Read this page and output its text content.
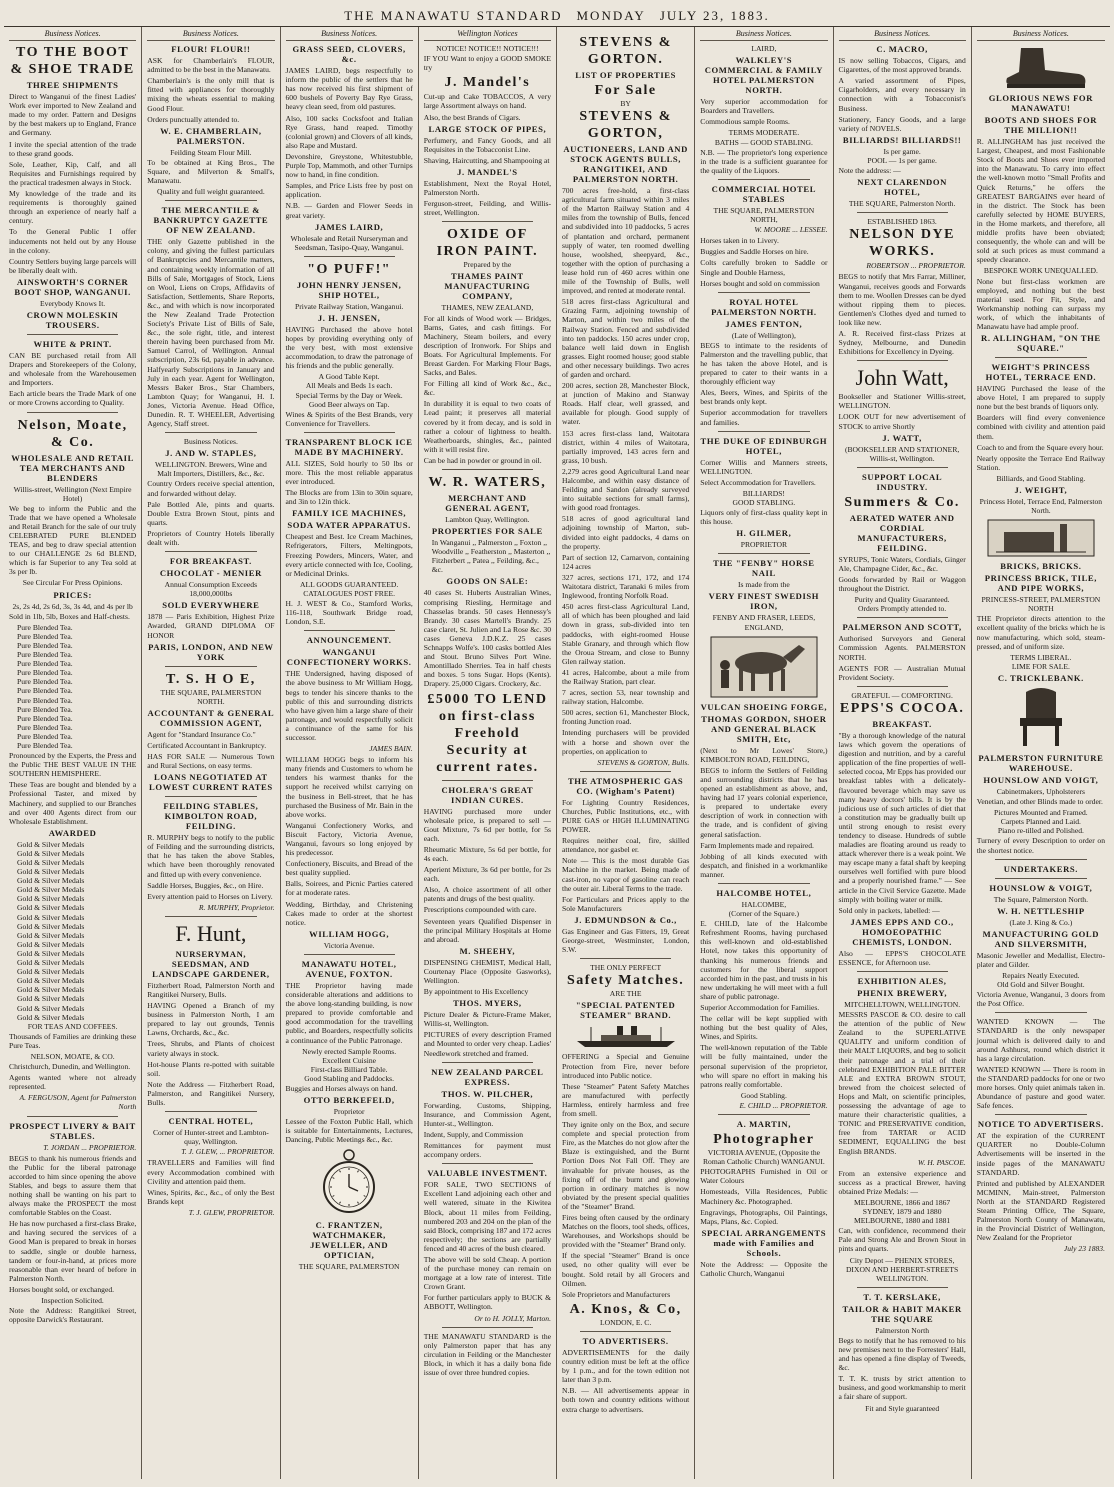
THE MANAWATU STANDARD MONDAY JULY 23, 1883.
Business Notices.
TO THE BOOT & SHOE TRADE
THREE SHIPMENTS
Direct to Wanganui of the finest Ladies' Work ever imported to New Zealand and made to my order. Pattern and Designs by the best makers up to England, France and Germany.
I invite the special attention of the trade to these grand goods.
Sole, Leather, Kip, Calf, and all Requisites and Furnishings required by the practical tradesmen always in Stock.
My knowledge of the trade and its requirements is thoroughly gained through an experience of nearly half a century.
To the General Public I offer inducements not held out by any House in the colony.
Country Settlers buying large parcels will be liberally dealt with.
AINSWORTH'S CORNER BOOT SHOP, WANGANUI.
Everybody Knows It.
CROWN MOLESKIN TROUSERS.
WHITE & PRINT.
CAN BE purchased retail from All Drapers and Storekeepers of the Colony, and wholesale from the Warehousemen and Importers.
Each article bears the Trade Mark of one or more Crowns according to Quality.
Nelson, Moate, & Co.
WHOLESALE AND RETAIL TEA MERCHANTS AND BLENDERS
Willis-street, Wellington (Next Empire Hotel)
We beg to inform the Public and the Trade that we have opened a Wholesale and Retail Branch for the sale of our truly CELEBRATED PURE BLENDED TEAS, and beg to draw special attention to our CHALLENGE 2s 6d BLEND, which is far Superior to any Tea sold at 3s per lb.
See Circular For Press Opinions.
PRICES:
2s, 2s 4d, 2s 6d, 3s, 3s 4d, and 4s per lb
Sold in 1lb, 5lb, Boxes and Half-chests.
Pure Blended Tea.
Pure Blended Tea.
Pure Blended Tea.
Pure Blended Tea.
Pure Blended Tea.
Pure Blended Tea.
Pure Blended Tea.
Pure Blended Tea.
Pure Blended Tea.
Pure Blended Tea.
Pure Blended Tea.
Pure Blended Tea.
Pure Blended Tea.
Pure Blended Tea.
Pronounced by the Experts, the Press and the Public THE BEST VALUE IN THE SOUTHERN HEMISPHERE.
These Teas are bought and blended by a Professional Taster, and mixed by Machinery, and supplied to our Branches and over 400 Agents direct from our Wholesale Establishment.
AWARDED
Gold & Silver Medals
Gold & Silver Medals
Gold & Silver Medals
Gold & Silver Medals
Gold & Silver Medals
Gold & Silver Medals
Gold & Silver Medals
Gold & Silver Medals
Gold & Silver Medals
Gold & Silver Medals
Gold & Silver Medals
Gold & Silver Medals
Gold & Silver Medals
Gold & Silver Medals
Gold & Silver Medals
Gold & Silver Medals
Gold & Silver Medals
Gold & Silver Medals
Gold & Silver Medals
Gold & Silver Medals
FOR TEAS AND COFFEES.
Thousands of Families are drinking these Pure Teas.
NELSON, MOATE, & CO.
Christchurch, Dunedin, and Wellington.
Agents wanted where not already represented.
A. FERGUSON, Agent for Palmerston North
PROSPECT LIVERY & BAIT STABLES.
T. JORDAN ... PROPRIETOR.
BEGS to thank his numerous friends and the Public for the liberal patronage accorded to him since opening the above Stables, and begs to assure them that nothing shall be wanting on his part to always make the PROSPECT the most comfortable Stables on the Coast.
He has now purchased a first-class Brake, and having secured the services of a Good Man is prepared to break in horses to saddle, single or double harness, tandem or four-in-hand, at prices more reasonable than ever heard of before in Palmerston North.
Horses bought sold, or exchanged.
Inspection Solicited.
Note the Address: Rangitikei Street, opposite Darwick's Restaurant.
Business Notices.
FLOUR! FLOUR!!
ASK for Chamberlain's FLOUR, admitted to be the best in the Manawatu.
Chamberlain's is the only mill that is fitted with appliances for thoroughly mixing the wheats essential to making Good Flour.
Orders punctually attended to.
W. E. CHAMBERLAIN, PALMERSTON.
Feilding Steam Flour Mill.
To be obtained at King Bros., The Square, and Milverton & Small's, Manawatu.
Quality and full weight guaranteed.
THE MERCANTILE & BANKRUPTCY GAZETTE OF NEW ZEALAND.
THE only Gazette published in the colony, and giving the fullest particulars of Bankruptcies and Mercantile matters, and containing weekly information of all Bills of Sale, Mortgages of Stock, Liens on Wool, Liens on Crops, Affidavits of Satisfaction, Settlements, Share Reports, &c., and with which is now incorporated the New Zealand Trade Protection Society's Private List of Bills of Sale, &c., the sole right, title, and interest therein having been purchased from Mr. Samuel Carrol, of Wellington. Annual subscription, 23s 6d, payable in advance. Halfyearly Subscriptions in January and July in each year. Agent for Wellington, Messrs Baker Bros., Star Chambers, Lambton Quay; for Wanganui, H. I. Jones, Victoria Avenue. Head Office, Dunedin. R. T. WHEELER, Advertising Agency, Staff street.
Business Notices.
J. AND W. STAPLES,
WELLINGTON. Brewers, Wine and Malt Importers, Distillers, &c., &c.
Country Orders receive special attention, and forwarded without delay.
Pale Bottled Ale, pints and quarts. Double Extra Brown Stout, pints and quarts.
Proprietors of Country Hotels liberally dealt with.
FOR BREAKFAST.
CHOCOLAT - MENIER
Annual Consumption Exceeds 18,000,000lbs
SOLD EVERYWHERE
1878 — Paris Exhibition, Highest Prize Awarded, GRAND DIPLOMA OF HONOR
PARIS, LONDON, AND NEW YORK
T. S. H O E,
THE SQUARE, PALMERSTON NORTH.
ACCOUNTANT & GENERAL COMMISSION AGENT,
Agent for "Standard Insurance Co."
Certificated Accountant in Bankruptcy.
HAS FOR SALE — Numerous Town and Rural Sections, on easy terms.
LOANS NEGOTIATED AT LOWEST CURRENT RATES
FEILDING STABLES, KIMBOLTON ROAD, FEILDING.
R. MURPHY begs to notify to the public of Feilding and the surrounding districts, that he has taken the above Stables, which have been thoroughly renovated and fitted up with every convenience.
Saddle Horses, Buggies, &c., on Hire.
Every attention paid to Horses on Livery.
R. MURPHY, Proprietor.
F. Hunt,
NURSERYMAN, SEEDSMAN, AND LANDSCAPE GARDENER,
Fitzherbert Road, Palmerston North and Rangitikei Nursery, Bulls.
HAVING Opened a Branch of my business in Palmerston North, I am prepared to lay out grounds, Tennis Lawns, Orchards, &c., &c.
Trees, Shrubs, and Plants of choicest variety always in stock.
Hot-house Plants re-potted with suitable soil.
Note the Address — Fitzherbert Road, Palmerston, and Rangitikei Nursery, Bulls.
CENTRAL HOTEL,
Corner of Hunter-street and Lambton-quay, Wellington.
T. J. GLEW, ... PROPRIETOR.
TRAVELLERS and Families will find every Accommodation combined with Civility and attention paid them.
Wines, Spirits, &c., &c., of only the Best Brands kept
T. J. GLEW, PROPRIETOR.
Business Notices.
GRASS SEED, CLOVERS, &c.
JAMES LAIRD, begs respectfully to inform the public of the settlers that he has now received his first shipment of 600 bushels of Poverty Bay Rye Grass, heavy clean seed, from old pastures.
Also, 100 sacks Cocksfoot and Italian Rye Grass, hand reaped. Timothy (colonial grown) and Clovers of all kinds, also Rape and Mustard.
Devonshire, Greystone, Whitestubble, Purple Top, Mammoth, and other Turnips now to hand, in fine condition.
Samples, and Price Lists free by post on application.
N.B. — Garden and Flower Seeds in great variety.
JAMES LAIRD,
Wholesale and Retail Nurseryman and Seedsman, Tasipo-Quay, Wanganui.
"O PUFF!"
JOHN HENRY JENSEN, SHIP HOTEL,
Private Railway Station, Wanganui.
J. H. JENSEN,
HAVING Purchased the above hotel hopes by providing everything only of the very best, with most extensive accommodation, to draw the patronage of his friends and the public generally.
A Good Table Kept.
All Meals and Beds 1s each.
Special Terms by the Day or Week.
Good Beer always on Tap.
Wines & Spirits of the Best Brands, very Convenience for Travellers.
TRANSPARENT BLOCK ICE MADE BY MACHINERY.
ALL SIZES, Sold hourly to 50 lbs or more. This the most reliable apparatus ever introduced.
The Blocks are from 13in to 30in square, and 3in to 12in thick.
FAMILY ICE MACHINES,
SODA WATER APPARATUS.
Cheapest and Best. Ice Cream Machines, Refrigerators, Filters, Meltingpots, Freezing Powders, Mincers, Water, and every article connected with Ice, Cooling, or Medicinal Drinks.
ALL GOODS GUARANTEED.
CATALOGUES POST FREE.
H. J. WEST & Co., Stamford Works, 116-118, Southwark Bridge road, London, S.E.
ANNOUNCEMENT.
WANGANUI CONFECTIONERY WORKS.
THE Undersigned, having disposed of the above business to Mr William Hogg, begs to tender his sincere thanks to the public of this and surrounding districts who have given him a large share of their patronage, and would respectfully solicit a continuance of the same for his successor.
JAMES BAIN.
WILLIAM HOGG begs to inform his many friends and Customers to whom he tenders his warmest thanks for the support he received whilst carrying on the business in Bell-street, that he has purchased the Business of Mr. Bain in the above works.
Wanganui Confectionery Works, and Biscuit Factory, Victoria Avenue, Wanganui, favours so long enjoyed by his predecessor.
Confectionery, Biscuits, and Bread of the best quality supplied.
Balls, Soirees, and Picnic Parties catered for at moderate rates.
Wedding, Birthday, and Christening Cakes made to order at the shortest notice.
WILLIAM HOGG,
Victoria Avenue.
MANAWATU HOTEL, AVENUE, FOXTON.
THE Proprietor having made considerable alterations and additions to the above long-standing building, is now prepared to provide comfortable and good accommodation for the travelling public, and Boarders, respectfully solicits a continuance of the Public Patronage.
Newly erected Sample Rooms.
Excellent Cuisine
First-class Billiard Table.
Good Stabling and Paddocks.
Buggies and Horses always on hand.
OTTO BERKEFELD,
Proprietor
Lessee of the Foxton Public Hall, which is suitable for Entertainments, Lectures, Dancing, Public Meetings &c., &c.
C. FRANTZEN, WATCHMAKER, JEWELLER, AND OPTICIAN,
THE SQUARE, PALMERSTON
Wellington Notices
NOTICE! NOTICE!! NOTICE!!!
IF YOU Want to enjoy a GOOD SMOKE try
J. Mandel's
Cut-up and Cake TOBACCOS, A very large Assortment always on hand.
Also, the best Brands of Cigars.
LARGE STOCK OF PIPES,
Perfumery, and Fancy Goods, and all Requisites in the Tobacconist Line.
Shaving, Haircutting, and Shampooing at
J. MANDEL'S
Establishment, Next the Royal Hotel, Palmerston North.
Ferguson-street, Feilding, and Willis-street, Wellington.
OXIDE OF IRON PAINT.
Prepared by the
THAMES PAINT MANUFACTURING COMPANY,
THAMES, NEW ZEALAND,
For all kinds of Wood work — Bridges, Barns, Gates, and cash fittings. For Machinery, Steam boilers, and every description of Ironwork. For Ships and Boats. For Agricultural Implements. For Breast Garden. For Marking Flour Bags, Sacks, and Bales.
For Filling all kind of Work &c., &c., &c.
In durability it is equal to two coats of Lead paint; it preserves all material covered by it from decay, and is sold in rather a colour of lightness to health. Weatherboards, shingles, &c., painted with it will resist fire.
Can be had in powder or ground in oil.
W. R. WATERS,
MERCHANT AND GENERAL AGENT,
Lambton Quay, Wellington.
PROPERTIES FOR SALE
In Wanganui ,, Palmerston ,, Foxton ,, Woodville ,, Featherston ,, Masterton ,, Fitzherbert ,, Patea ,, Feilding, &c., &c.
GOODS ON SALE:
40 cases St. Huberts Australian Wines, comprising Riesling, Hermitage and Chasselas brands. 50 cases Hennessy's Brandy. 30 cases Martell's Brandy. 25 case claret, St. Julien and La Rose &c. 30 cases Geneva J.D.K.Z. 25 cases Schnapps Wolfe's. 100 casks bottled Ales and Stout. Bruno Silves Port Wine. Amontillado Sherries. Tea in half chests and boxes. 5 tons Sugar. Hops (Kents). Drapery. 25,000 Cigars. Crockery, &c.
£5000 TO LEND on first-class Freehold Security at current rates.
CHOLERA'S GREAT INDIAN CURES.
HAVING purchased more under wholesale price, is prepared to sell — Gout Mixture, 7s 6d per bottle, for 5s each.
Rheumatic Mixture, 5s 6d per bottle, for 4s each.
Aperient Mixture, 3s 6d per bottle, for 2s each.
Also, A choice assortment of all other patents and drugs of the best quality.
Prescriptions compounded with care.
Seventeen years Qualified Dispenser in the principal Military Hospitals at Home and abroad.
M. SHEEHY,
DISPENSING CHEMIST, Medical Hall, Courtenay Place (Opposite Gasworks), Wellington.
By appointment to His Excellency
THOS. MYERS,
Picture Dealer & Picture-Frame Maker, Willis-st, Wellington.
PICTURES of every description Framed and Mounted to order very cheap. Ladies' Needlework stretched and framed.
NEW ZEALAND PARCEL EXPRESS.
THOS. W. PILCHER,
Forwarding, Customs, Shipping, Insurance, and Commission Agent, Hunter-st., Wellington.
Indent, Supply, and Commission
Remittances for payment must accompany orders.
VALUABLE INVESTMENT.
FOR SALE, TWO SECTIONS of Excellent Land adjoining each other and well watered, situate in the Kiwitea Block, about 11 miles from Feilding, numbered 203 and 204 on the plan of the said Block, comprising 187 and 172 acres respectively; the sections are partially fenced and 40 acres of the bush cleared.
The above will be sold Cheap. A portion of the purchase money can remain on mortgage at a low rate of interest. Title Crown Grant.
For further particulars apply to BUCK & ABBOTT, Wellington.
Or to H. JOLLY, Marton.
THE MANAWATU STANDARD is the only Palmerston paper that has any circulation in Feilding or the Manchester Block, in which it has a daily bona fide issue of over three hundred copies.
STEVENS & GORTON.
LIST OF PROPERTIES
For Sale
BY
STEVENS & GORTON,
AUCTIONEERS, LAND AND STOCK AGENTS BULLS, RANGITIKEI, AND PALMERSTON NORTH.
700 acres free-hold, a first-class agricultural farm situated within 3 miles of the Marton Railway Station and 4 miles from the township of Bulls, fenced and subdivided into 10 paddocks, 5 acres of plantation and orchard, permanent supply of water, ten roomed dwelling house, woolshed, sheepyard, &c., together with the option of purchasing a lease hold run of 460 acres within one mile of the Township of Bulls, well improved, and rented at moderate rental.
518 acres first-class Agricultural and Grazing Farm, adjoining township of Marton, and within two miles of the Railway Station. Fenced and subdivided into ten paddocks. 150 acres under crop, balance well laid down in English grasses. Eight roomed house; good stable and other necessary buildings. Two acres of garden and orchard.
200 acres, section 28, Manchester Block, at junction of Makino and Stanway Roads. Half clear, well grassed, and available for plough. Good supply of water.
153 acres first-class land, Waitotara district, within 4 miles of Waitotara, partially improved, 143 acres fern and grass, 10 bush.
2,279 acres good Agricultural Land near Halcombe, and within easy distance of Feilding and Sandon (already surveyed into suitable sections for small farms), with good road frontages.
518 acres of good agricultural land adjoining township of Marton, sub-divided into eight paddocks, 4 dams on the property.
Part of section 12, Carnarvon, containing 124 acres
327 acres, sections 171, 172, and 174 Waitotara district, Taranaki 6 miles from Inglewood, fronting Norfolk Road.
450 acres first-class Agricultural Land, all of which has been ploughed and laid down in grass, sub-divided into ten paddocks, with eight-roomed House Stable Granary, and through which flow the Oroua Stream, and close to Bunny Glen railway station.
41 acres, Halcombe, about a mile from the Railway Station, part clear.
7 acres, section 53, near township and railway station, Halcombe.
500 acres, section 61, Manchester Block, fronting Junction road.
Intending purchasers will be provided with a horse and shown over the properties, on application to
STEVENS & GORTON, Bulls.
THE ATMOSPHERIC GAS CO. (Wigham's Patent)
For Lighting Country Residences, Churches, Public Institutions, etc., with PURE GAS or HIGH ILLUMINATING POWER.
Requires neither coal, fire, skilled attendance, nor gasbel er.
Note — This is the most durable Gas Machine in the market. Being made of cast-iron, no vapor of gasoline can reach the outer air. Liberal Terms to the trade.
For Particulars and Prices apply to the Sole Manufacturers
J. EDMUNDSON & Co.,
Gas Engineer and Gas Fitters, 19, Great George-street, Westminster, London, S.W.
THE ONLY PERFECT
Safety Matches.
ARE THE
"SPECIAL PATENTED STEAMER" BRAND.
OFFERING a Special and Genuine Protection from Fire, never before introduced into Public notice.
These "Steamer" Patent Safety Matches are manufactured with perfectly Harmless, entirely harmless and free from smell.
They ignite only on the Box, and secure complete and special protection from Fire, as the Matches do not glow after the Blaze is extinguished, and the Burnt Portion Does Not Fall Off. They are invaluable for private houses, as the fixing off of the burnt and glowing portion in ordinary matches is now obviated by the present special qualities of the "Steamer" Brand.
Fires being often caused by the ordinary Matches on the floors, tool sheds, offices, Warehouses, and Workshops should be provided with the "Steamer" Brand only.
If the special "Steamer" Brand is once used, no other quality will ever be bought. Sold retail by all Grocers and Oilmen.
Sole Proprietors and Manufacturers
A. Knos, & Co,
LONDON, E. C.
TO ADVERTISERS.
ADVERTISEMENTS for the daily country edition must be left at the office by 1 p.m., and for the town edition not later than 3 p.m.
N.B. — All advertisements appear in both town and country editions without extra charge to advertisers.
Business Notices.
LAIRD,
WALKLEY'S COMMERCIAL & FAMILY HOTEL PALMERSTON NORTH.
Very superior accommodation for Boarders and Travellers.
Commodious sample Rooms.
TERMS MODERATE.
BATHS — GOOD STABLING.
N.B. — The proprietor's long experience in the trade is a sufficient guarantee for the quality of the Liquors.
COMMERCIAL HOTEL STABLES
THE SQUARE, PALMERSTON NORTH,
W. MOORE ... LESSEE.
Horses taken in to Livery.
Buggies and Saddle Horses on hire.
Colts carefully broken to Saddle or Single and Double Harness,
Horses bought and sold on commission
ROYAL HOTEL PALMERSTON NORTH.
JAMES FENTON,
(Late of Wellington),
BEGS to intimate to the residents of Palmerston and the travelling public, that he has taken the above Hotel, and is prepared to cater to their wants in a thoroughly efficient way
Ales, Beers, Wines, and Spirits of the best brands only kept.
Superior accommodation for travellers and families.
THE DUKE OF EDINBURGH HOTEL,
Corner Willis and Manners streets, WELLINGTON.
Select Accommodation for Travellers.
BILLIARDS!
GOOD STABLING.
Liquors only of first-class quality kept in this house.
H. GILMER,
PROPRIETOR
THE "FENBY" HORSE NAIL
Is made from the
VERY FINEST SWEDISH IRON,
FENBY AND FRASER, LEEDS, ENGLAND,
VULCAN SHOEING FORGE,
THOMAS GORDON, SHOER AND GENERAL BLACK SMITH, Etc,
(Next to Mr Lowes' Store,) KIMBOLTON ROAD, FEILDING,
BEGS to inform the Settlers of Feilding and surrounding districts that he has opened an establishment as above, and, having had 17 years colonial experience, is prepared to undertake every description of work in connection with the trade, and is confident of giving general satisfaction.
Farm Implements made and repaired.
Jobbing of all kinds executed with despatch, and finished in a workmanlike manner.
HALCOMBE HOTEL,
HALCOMBE,
(Corner of the Square.)
E. CHILD, late of the Halcombe Refreshment Rooms, having purchased this well-known and old-established Hotel, now takes this opportunity of thanking his numerous friends and customers for the liberal support accorded him in the past, and trusts in his new undertaking he will meet with a full share of public patronage.
Superior Accommodation for Families.
The cellar will be kept supplied with nothing but the best quality of Ales, Wines, and Spirits.
The well-known reputation of the Table will be fully maintained, under the personal supervision of the proprietor, who will spare no effort in making his patrons really comfortable.
Good Stabling.
E. CHILD ... PROPRIETOR.
A. MARTIN,
Photographer
VICTORIA AVENUE, (Opposite the Roman Catholic Church) WANGANUI.
PHOTOGRAPHS Furnished in Oil or Water Colours
Homesteads, Villa Residences, Public Machinery &c. Photographed.
Engravings, Photographs, Oil Paintings, Maps, Plans, &c. Copied.
SPECIAL ARRANGEMENTS made with Families and Schools.
Note the Address: — Opposite the Catholic Church, Wanganui
Business Notices.
C. MACRO,
IS now selling Tobaccos, Cigars, and Cigarettes, of the most approved brands.
A varied assortment of Pipes, Cigarholders, and every necessary in connection with a Tobacconist's Business.
Stationery, Fancy Goods, and a large variety of NOVELS.
BILLIARDS! BILLIARDS!!
Is per game.
POOL — 1s per game.
Note the address: —
NEXT CLARENDON HOTEL,
THE SQUARE, Palmerston North.
ESTABLISHED 1863.
NELSON DYE WORKS.
ROBERTSON ... PROPRIETOR.
BEGS to notify that Mrs Farrar, Milliner, Wanganui, receives goods and Forwards them to me. Woollen Dresses can be dyed without ripping them to pieces. Gentlemen's Clothes dyed and turned to look like new.
A. R. Received first-class Prizes at Sydney, Melbourne, and Dunedin Exhibitions for Excellency in Dyeing.
John Watt,
Bookseller and Stationer Willis-street, WELLINGTON.
LOOK OUT for new advertisement of STOCK to arrive Shortly
J. WATT,
(BOOKSELLER AND STATIONER, Willis-st, Wellington.
SUPPORT LOCAL INDUSTRY.
Summers & Co.
AERATED WATER AND CORDIAL MANUFACTURERS, FEILDING.
SYRUPS, Tonic Waters, Cordials, Ginger Ale, Champagne Cider, &c., &c.
Goods forwarded by Rail or Waggon throughout the District.
Purity and Quality Guaranteed.
Orders Promptly attended to.
PALMERSON AND SCOTT,
Authorised Surveyors and General Commission Agents. PALMERSTON NORTH.
AGENTS FOR — Australian Mutual Provident Society.
GRATEFUL — COMFORTING.
EPPS'S COCOA.
BREAKFAST.
"By a thorough knowledge of the natural laws which govern the operations of digestion and nutrition, and by a careful application of the fine properties of well-selected cocoa, Mr Epps has provided our breakfast tables with a delicately-flavoured beverage which may save us many heavy doctors' bills. It is by the judicious use of such articles of diet that a constitution may be gradually built up until strong enough to resist every tendency to disease. Hundreds of subtle maladies are floating around us ready to attack wherever there is a weak point. We may escape many a fatal shaft by keeping ourselves well fortified with pure blood and a properly nourished frame." — See article in the Civil Service Gazette. Made simply with boiling water or milk.
Sold only in packets, labelled: —
JAMES EPPS AND CO., HOMOEOPATHIC CHEMISTS, LONDON.
Also — EPPS'S CHOCOLATE ESSENCE, for Afternoon use.
EXHIBITION ALES,
PHENIX BREWERY,
MITCHELLTOWN, WELLINGTON.
MESSRS PASCOE & CO. desire to call the attention of the public of New Zealand to the SUPERLATIVE QUALITY and uniform condition of their MALT LIQUORS, and beg to solicit their patronage and a trial of their celebrated EXHIBITION PALE BITTER ALE and EXTRA BROWN STOUT, brewed from the choicest selected of Hops and Malt, on scientific principles, possessing the advantage of age to mature their characteristic qualities, a TONIC and PRESERVATIVE condition, free from TARTAR or ACID SEDIMENT, EQUALLING the best English BRANDS.
W. H. PASCOE.
From an extensive experience and success as a practical Brewer, having obtained Prize Medals: —
MELBOURNE, 1866 and 1867 SYDNEY, 1879 and 1880 MELBOURNE, 1880 and 1881
Can, with confidence, recommend their Pale and Strong Ale and Brown Stout in pints and quarts.
City Depot — PHENIX STORES, DIXON AND HERBERT-STREETS WELLINGTON.
T. T. KERSLAKE,
TAILOR & HABIT MAKER THE SQUARE
Palmerston North
Begs to notify that he has removed to his new premises next to the Forresters' Hall, and has opened a fine display of Tweeds, &c.
T. T. K. trusts by strict attention to business, and good workmanship to merit a fair share of support.
Fit and Style guaranteed
Business Notices.
GLORIOUS NEWS FOR MANAWATU!
BOOTS AND SHOES FOR THE MILLION!!
R. ALLINGHAM has just received the Largest, Cheapest, and most Fashionable Stock of Boots and Shoes ever imported into the Manawatu. To carry into effect the well-known motto "Small Profits and Quick Returns," he offers the GREATEST BARGAINS ever heard of in the district. The Stock has been carefully selected by HOME BUYERS, in the Home markets, and therefore, all middle profits have been obviated; consequently, the whole can and will be sold at such prices as must command a speedy clearance.
BESPOKE WORK UNEQUALLED.
None but first-class workmen are employed, and nothing but the best material used. For Fit, Style, and Workmanship nothing can surpass my work, of which the inhabitants of Manawatu have had ample proof.
R. ALLINGHAM, "ON THE SQUARE."
WEIGHT'S PRINCESS HOTEL, TERRACE END.
HAVING Purchased the lease of the above Hotel, I am prepared to supply none but the best brands of liquors only.
Boarders will find every convenience combined with civility and attention paid them.
Coach to and from the Square every hour.
Nearly opposite the Terrace End Railway Station.
Billiards, and Good Stabling.
J. WEIGHT,
Princess Hotel, Terrace End, Palmerston North.
BRICKS, BRICKS.
PRINCESS BRICK, TILE, AND PIPE WORKS,
PRINCESS-STREET, PALMERSTON NORTH
THE Proprietor directs attention to the excellent quality of the bricks which he is now manufacturing, which sold, steam-pressed, and of uniform size.
TERMS LIBERAL.
LIME FOR SALE.
C. TRICKLEBANK.
PALMERSTON FURNITURE WAREHOUSE.
HOUNSLOW AND VOIGT,
Cabinetmakers, Upholsterers
Venetian, and other Blinds made to order.
Pictures Mounted and Framed.
Carpets Planned and Laid.
Piano re-tilled and Polished.
Turnery of every Description to order on the shortest notice.
UNDERTAKERS.
HOUNSLOW & VOIGT,
The Square, Palmerston North.
W. H. NETTLESHIP
(Late J. King & Co.)
MANUFACTURING GOLD AND SILVERSMITH,
Masonic Jeweller and Medallist, Electro-plater and Gilder.
Repairs Neatly Executed.
Old Gold and Silver Bought.
Victoria Avenue, Wanganui, 3 doors from the Post Office.
WANTED KNOWN — The STANDARD is the only newspaper journal which is delivered daily to and around Ashhurst, round which district it has a large circulation.
WANTED KNOWN — There is room in the STANDARD paddocks for one or two more horses. Only quiet animals taken in. Abundance of pasture and good water. Safe fences.
NOTICE TO ADVERTISERS.
AT the expiration of the CURRENT QUARTER no Double-Column Advertisements will be inserted in the inside pages of the MANAWATU STANDARD.
Printed and published by ALEXANDER MCMINN, Main-street, Palmerston North at the STANDARD Registered Steam Printing Office, The Square, Palmerston North County of Manawatu, in the Provincial District of Wellington, New Zealand for the Proprietor
July 23 1883.
